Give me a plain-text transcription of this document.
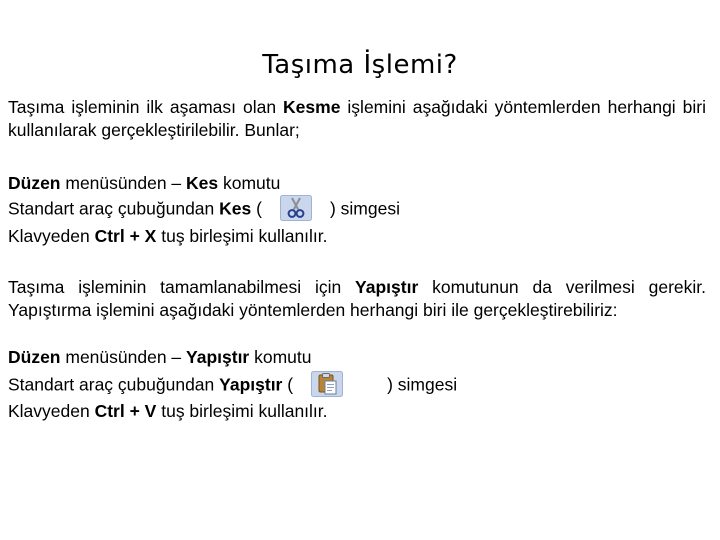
Taşıma İşlemi?
Taşıma işleminin ilk aşaması olan Kesme işlemini aşağıdaki yöntemlerden herhangi biri kullanılarak gerçekleştirilebilir. Bunlar;
Düzen menüsünden – Kes komutu
Standart araç çubuğundan Kes (	) simgesi
Klavyeden Ctrl + X tuş birleşimi kullanılır.
Taşıma işleminin tamamlanabilmesi için Yapıştır komutunun da verilmesi gerekir. Yapıştırma işlemini aşağıdaki yöntemlerden herhangi biri ile gerçekleştirebiliriz:
Düzen menüsünden – Yapıştır komutu
Standart araç çubuğundan Yapıştır (	) simgesi
Klavyeden Ctrl + V tuş birleşimi kullanılır.
